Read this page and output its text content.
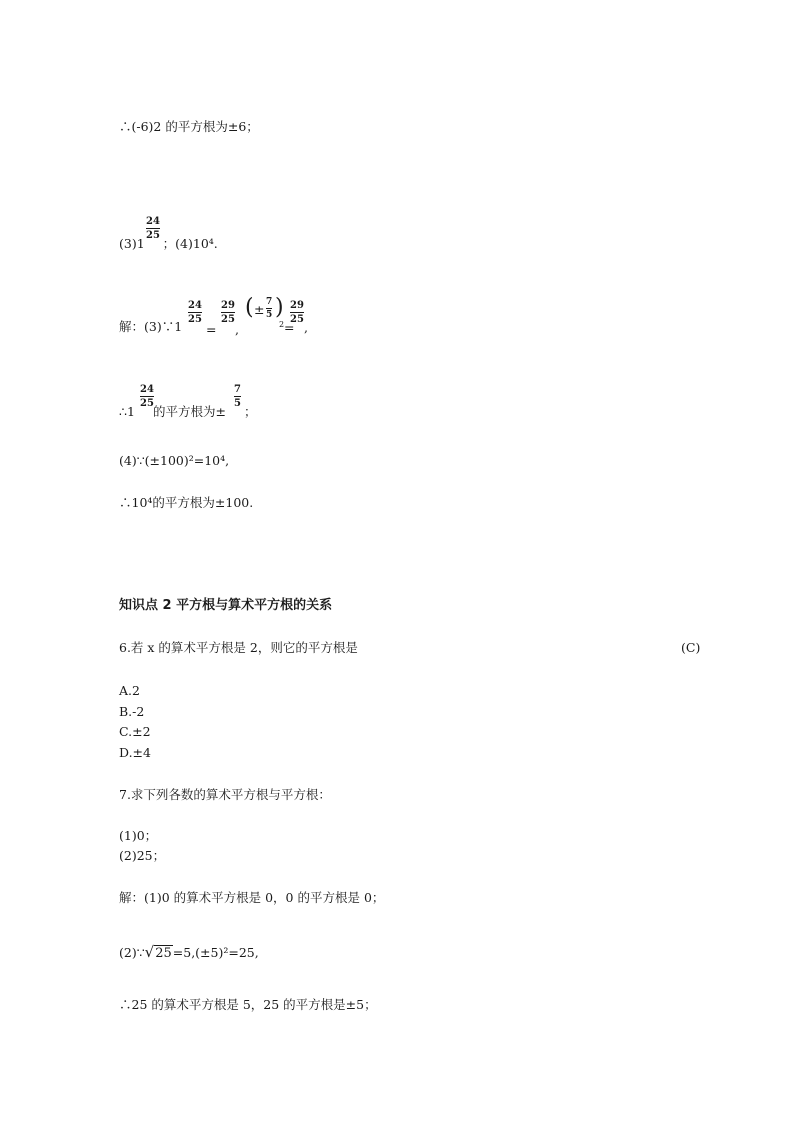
∴(-6)2 的平方根为±6；
(3)1 ；(4)10⁴.
24
25
解：(3)∵1
24
25
=
29
25
,
( ± 7
5 )
2 =
29
25
,
∴1
24
25
的平方根为±
7
5
；
(4)∵(±100)²=10⁴,
∴10⁴的平方根为±100.
知识点 2 平方根与算术平方根的关系
6.若 x 的算术平方根是 2，则它的平方根是	(C)
A.2
B.-2
C.±2
D.±4
7.求下列各数的算术平方根与平方根：
(1)0；
(2)25；
解：(1)0 的算术平方根是 0，0 的平方根是 0；
(2)∵√25=5,(±5)²=25,
∴25 的算术平方根是 5，25 的平方根是±5；
